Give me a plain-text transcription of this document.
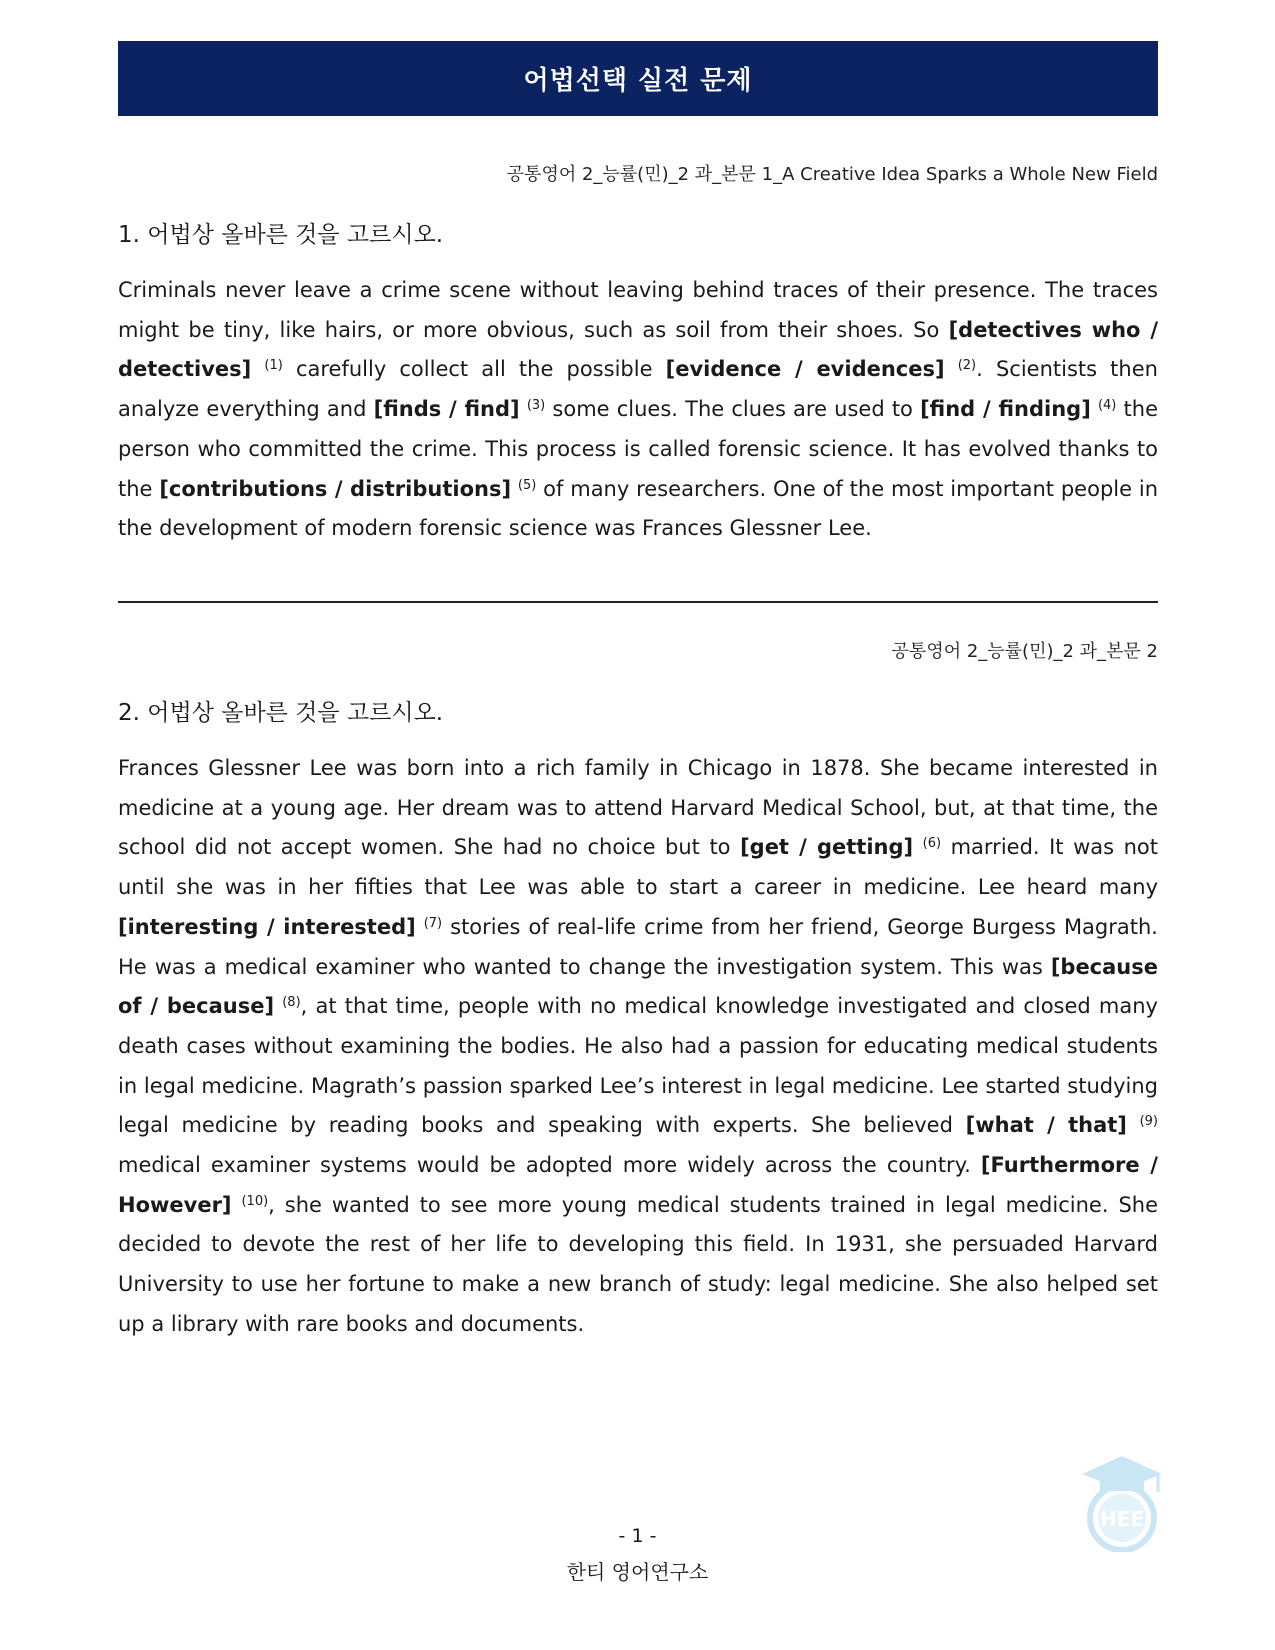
어법선택 실전 문제
공통영어 2_능률(민)_2 과_본문 1_A Creative Idea Sparks a Whole New Field
1. 어법상 올바른 것을 고르시오.

Criminals never leave a crime scene without leaving behind traces of their presence. The traces might be tiny, like hairs, or more obvious, such as soil from their shoes. So [detectives who / detectives] $^{(1)}$ carefully collect all the possible [evidence / evidences] $^{(2)}$. Scientists then analyze everything and [finds / find] $^{(3)}$ some clues. The clues are used to [find / finding] $^{(4)}$ the person who committed the crime. This process is called forensic science. It has evolved thanks to the [contributions / distributions] $^{(5)}$ of many researchers. One of the most important people in the development of modern forensic science was Frances Glessner Lee.

공통영어 2_능률(민)_2 과_본문 2
2. 어법상 올바른 것을 고르시오.

Frances Glessner Lee was born into a rich family in Chicago in 1878. She became interested in medicine at a young age. Her dream was to attend Harvard Medical School, but, at that time, the school did not accept women. She had no choice but to [get / getting] $^{(6)}$ married. It was not until she was in her fifties that Lee was able to start a career in medicine. Lee heard many [interesting / interested] $^{(7)}$ stories of real-life crime from her friend, George Burgess Magrath. He was a medical examiner who wanted to change the investigation system. This was [because of / because] $^{(8)}$, at that time, people with no medical knowledge investigated and closed many death cases without examining the bodies. He also had a passion for educating medical students in legal medicine. Magrath’s passion sparked Lee’s interest in legal medicine. Lee started studying legal medicine by reading books and speaking with experts. She believed [what / that] $^{(9)}$ medical examiner systems would be adopted more widely across the country. [Furthermore / However] $^{(10)}$, she wanted to see more young medical students trained in legal medicine. She decided to devote the rest of her life to developing this field. In 1931, she persuaded Harvard University to use her fortune to make a new branch of study: legal medicine. She also helped set up a library with rare books and documents.

HEE
- 1 -
한티 영어연구소
